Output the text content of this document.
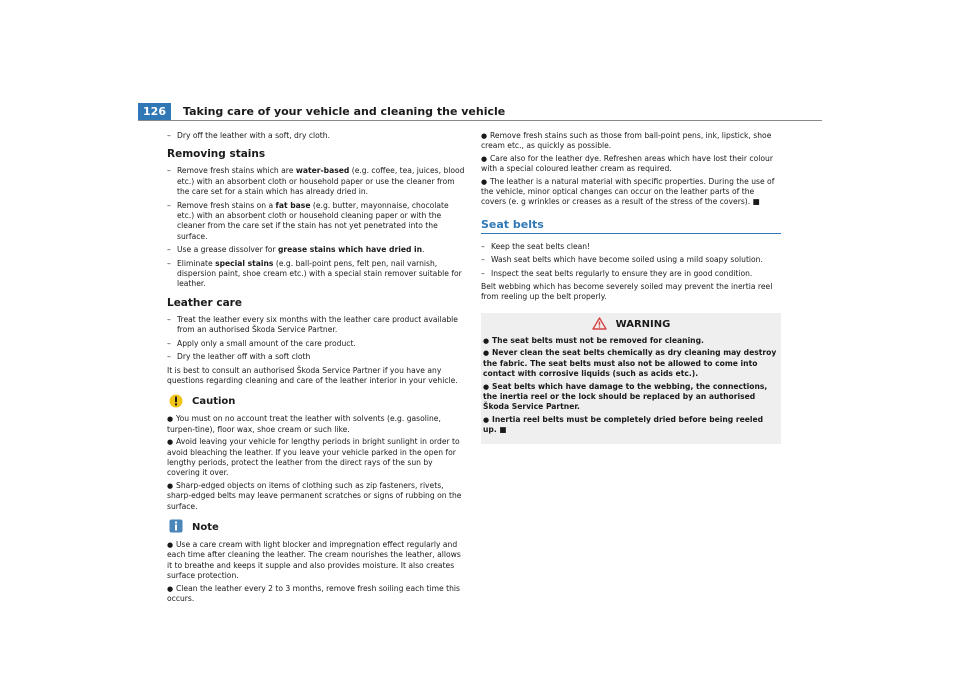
126	Taking care of your vehicle and cleaning the vehicle

– Dry off the leather with a soft, dry cloth.

Removing stains

– Remove fresh stains which are water-based (e.g. coffee, tea, juices, blood etc.) with an absorbent cloth or household paper or use the cleaner from the care set for a stain which has already dried in.

– Remove fresh stains on a fat base (e.g. butter, mayonnaise, chocolate etc.) with an absorbent cloth or household cleaning paper or with the cleaner from the care set if the stain has not yet penetrated into the surface.

– Use a grease dissolver for grease stains which have dried in.

– Eliminate special stains (e.g. ball-point pens, felt pen, nail varnish, dispersion paint, shoe cream etc.) with a special stain remover suitable for leather.

Leather care

– Treat the leather every six months with the leather care product available from an authorised Škoda Service Partner.

– Apply only a small amount of the care product.

– Dry the leather off with a soft cloth

It is best to consult an authorised Škoda Service Partner if you have any questions regarding cleaning and care of the leather interior in your vehicle.

Caution

● You must on no account treat the leather with solvents (e.g. gasoline, turpen-tine), floor wax, shoe cream or such like.

● Avoid leaving your vehicle for lengthy periods in bright sunlight in order to avoid bleaching the leather. If you leave your vehicle parked in the open for lengthy periods, protect the leather from the direct rays of the sun by covering it over.

● Sharp-edged objects on items of clothing such as zip fasteners, rivets, sharp-edged belts may leave permanent scratches or signs of rubbing on the surface.

Note

● Use a care cream with light blocker and impregnation effect regularly and each time after cleaning the leather. The cream nourishes the leather, allows it to breathe and keeps it supple and also provides moisture. It also creates surface protection.

● Clean the leather every 2 to 3 months, remove fresh soiling each time this occurs.

● Remove fresh stains such as those from ball-point pens, ink, lipstick, shoe cream etc., as quickly as possible.

● Care also for the leather dye. Refreshen areas which have lost their colour with a special coloured leather cream as required.

● The leather is a natural material with specific properties. During the use of the vehicle, minor optical changes can occur on the leather parts of the covers (e. g wrinkles or creases as a result of the stress of the covers). ■

Seat belts

– Keep the seat belts clean!

– Wash seat belts which have become soiled using a mild soapy solution.

– Inspect the seat belts regularly to ensure they are in good condition.

Belt webbing which has become severely soiled may prevent the inertia reel from reeling up the belt properly.

WARNING

● The seat belts must not be removed for cleaning.

● Never clean the seat belts chemically as dry cleaning may destroy the fabric. The seat belts must also not be allowed to come into contact with corrosive liquids (such as acids etc.).

● Seat belts which have damage to the webbing, the connections, the inertia reel or the lock should be replaced by an authorised Škoda Service Partner.

● Inertia reel belts must be completely dried before being reeled up. ■
